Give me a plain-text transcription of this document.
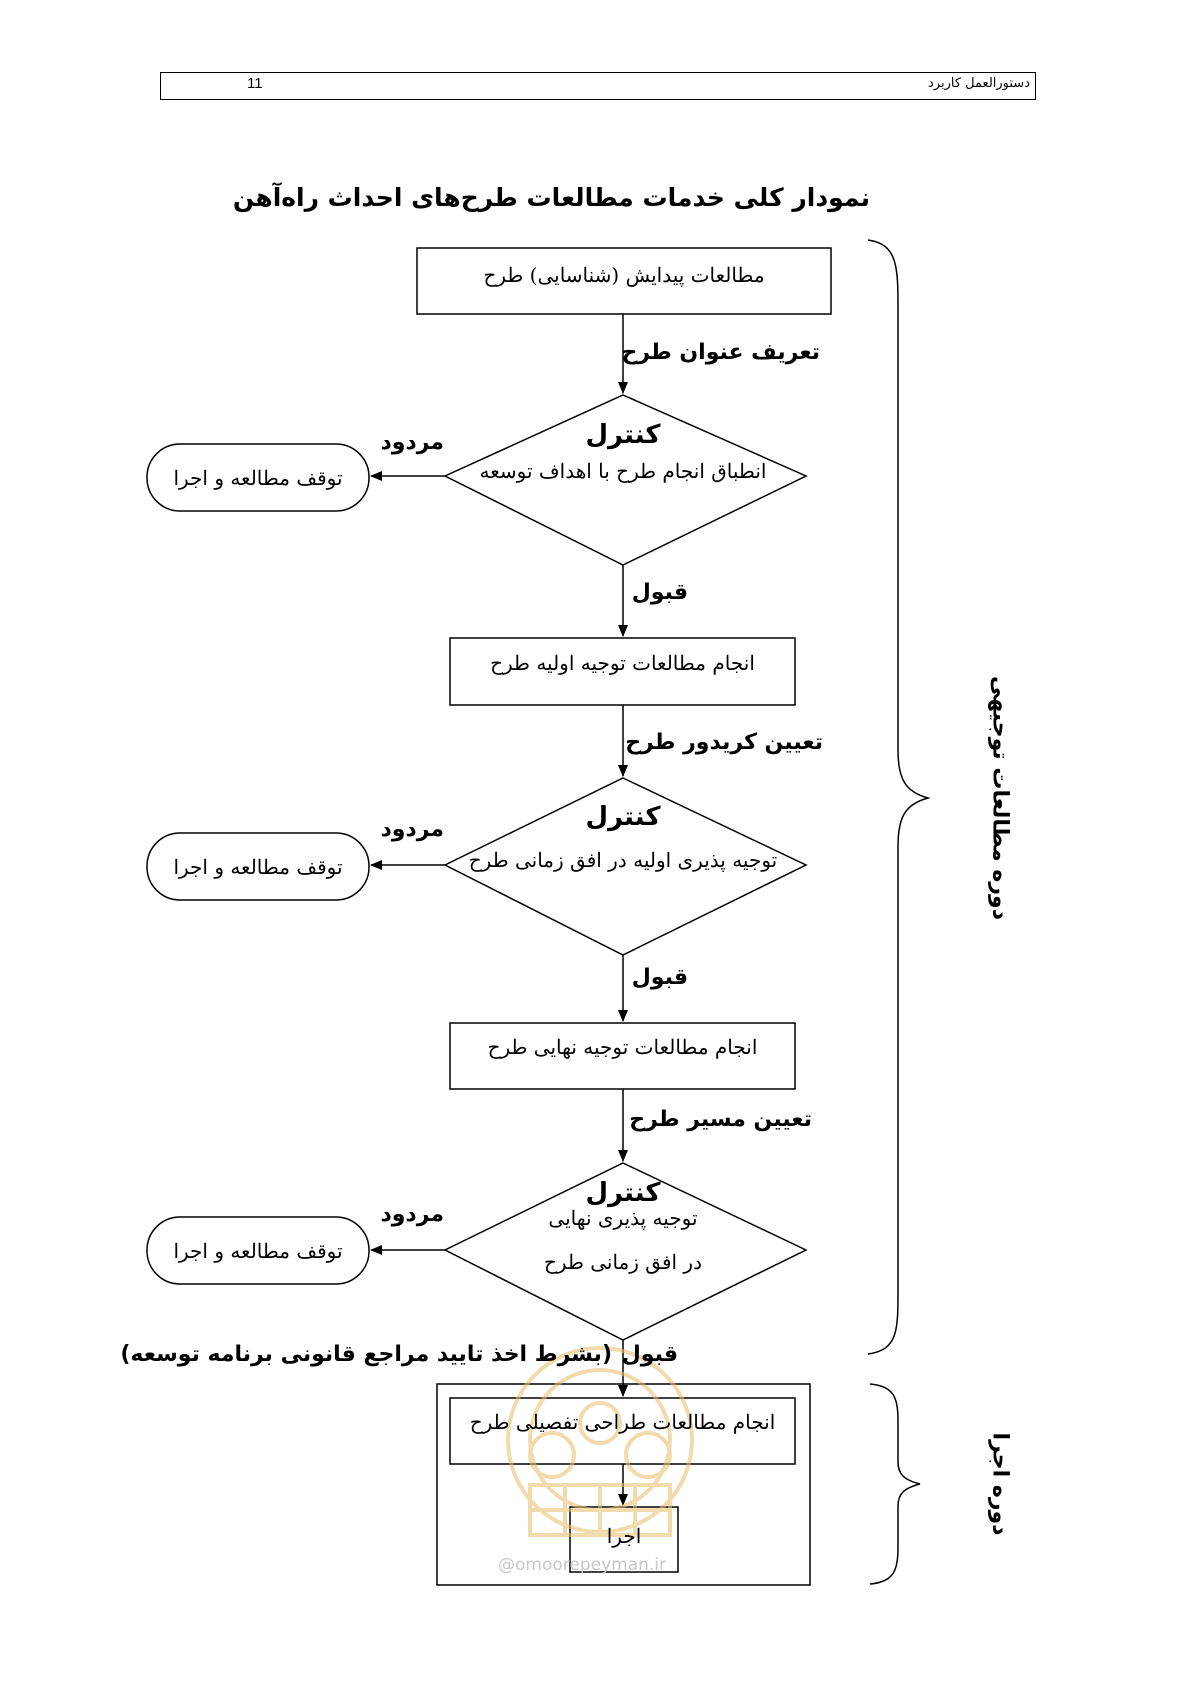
دستورالعمل کاربرد
11
نمودار کلی خدمات مطالعات طرح‌های احداث راه‌آهن
@omoorepeyman.ir
مطالعات پیدایش (شناسایی) طرح
انجام مطالعات توجیه اولیه طرح
انجام مطالعات توجیه نهایی طرح
انجام مطالعات طراحی تفصیلی طرح
اجرا
کنترل
انطباق انجام طرح با اهداف توسعه
کنترل
توجیه پذیری اولیه در افق زمانی طرح
کنترل
توجیه پذیری نهایی
در افق زمانی طرح
توقف مطالعه و اجرا
توقف مطالعه و اجرا
توقف مطالعه و اجرا
تعریف عنوان طرح
قبول
تعیین کریدور طرح
قبول
تعیین مسیر طرح
قبول
(بشرط اخذ تایید مراجع قانونی برنامه توسعه)
مردود
مردود
مردود
دوره مطالعات توجیهی
دوره اجرا
